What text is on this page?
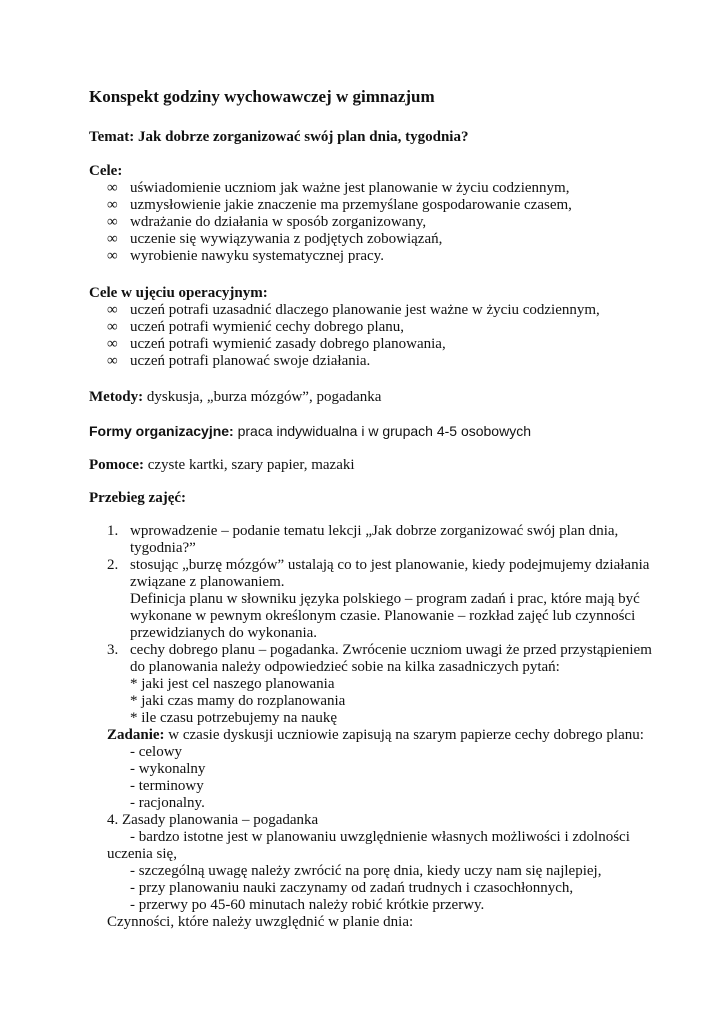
Konspekt godziny wychowawczej w gimnazjum
Temat: Jak dobrze zorganizować swój plan dnia, tygodnia?
Cele:
∞ uświadomienie uczniom jak ważne jest planowanie w życiu codziennym,
∞ uzmysłowienie jakie znaczenie ma przemyślane gospodarowanie czasem,
∞ wdrażanie do działania w sposób zorganizowany,
∞ uczenie się wywiązywania z podjętych zobowiązań,
∞ wyrobienie nawyku systematycznej pracy.
Cele w ujęciu operacyjnym:
∞ uczeń potrafi uzasadnić dlaczego planowanie jest ważne w życiu codziennym,
∞ uczeń potrafi wymienić cechy dobrego planu,
∞ uczeń potrafi wymienić zasady dobrego planowania,
∞ uczeń potrafi planować swoje działania.
Metody: dyskusja, „burza mózgów”, pogadanka
Formy organizacyjne: praca indywidualna i w grupach 4-5 osobowych
Pomoce: czyste kartki, szary papier, mazaki
Przebieg zajęć:
1. wprowadzenie – podanie tematu lekcji „Jak dobrze zorganizować swój plan dnia,
tygodnia?”
2. stosując „burzę mózgów” ustalają co to jest planowanie, kiedy podejmujemy działania
związane z planowaniem.
Definicja planu w słowniku języka polskiego – program zadań i prac, które mają być
wykonane w pewnym określonym czasie. Planowanie – rozkład zajęć lub czynności
przewidzianych do wykonania.
3. cechy dobrego planu – pogadanka. Zwrócenie uczniom uwagi że przed przystąpieniem
do planowania należy odpowiedzieć sobie na kilka zasadniczych pytań:
* jaki jest cel naszego planowania
* jaki czas mamy do rozplanowania
* ile czasu potrzebujemy na naukę
Zadanie: w czasie dyskusji uczniowie zapisują na szarym papierze cechy dobrego planu:
- celowy
- wykonalny
- terminowy
- racjonalny.
4. Zasady planowania – pogadanka
- bardzo istotne jest w planowaniu uwzględnienie własnych możliwości i zdolności
uczenia się,
- szczególną uwagę należy zwrócić na porę dnia, kiedy uczy nam się najlepiej,
- przy planowaniu nauki zaczynamy od zadań trudnych i czasochłonnych,
- przerwy po 45-60 minutach należy robić krótkie przerwy.
Czynności, które należy uwzględnić w planie dnia:
